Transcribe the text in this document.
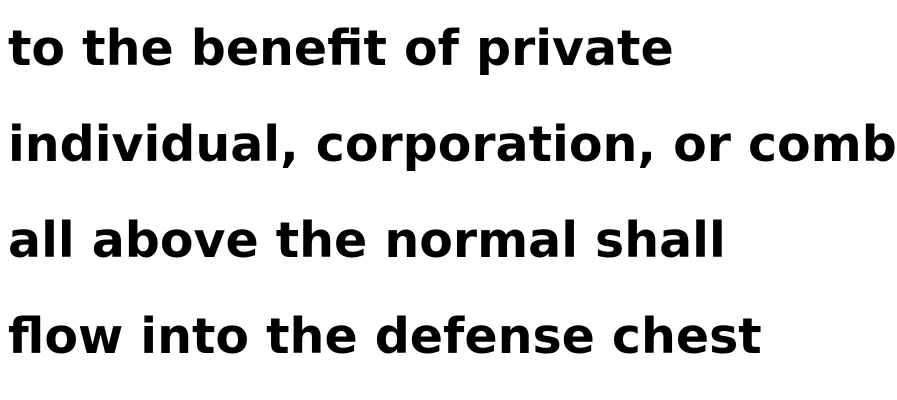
to the benefit of private

individual, corporation, or comb

all above the normal shall

flow into the defense chest
